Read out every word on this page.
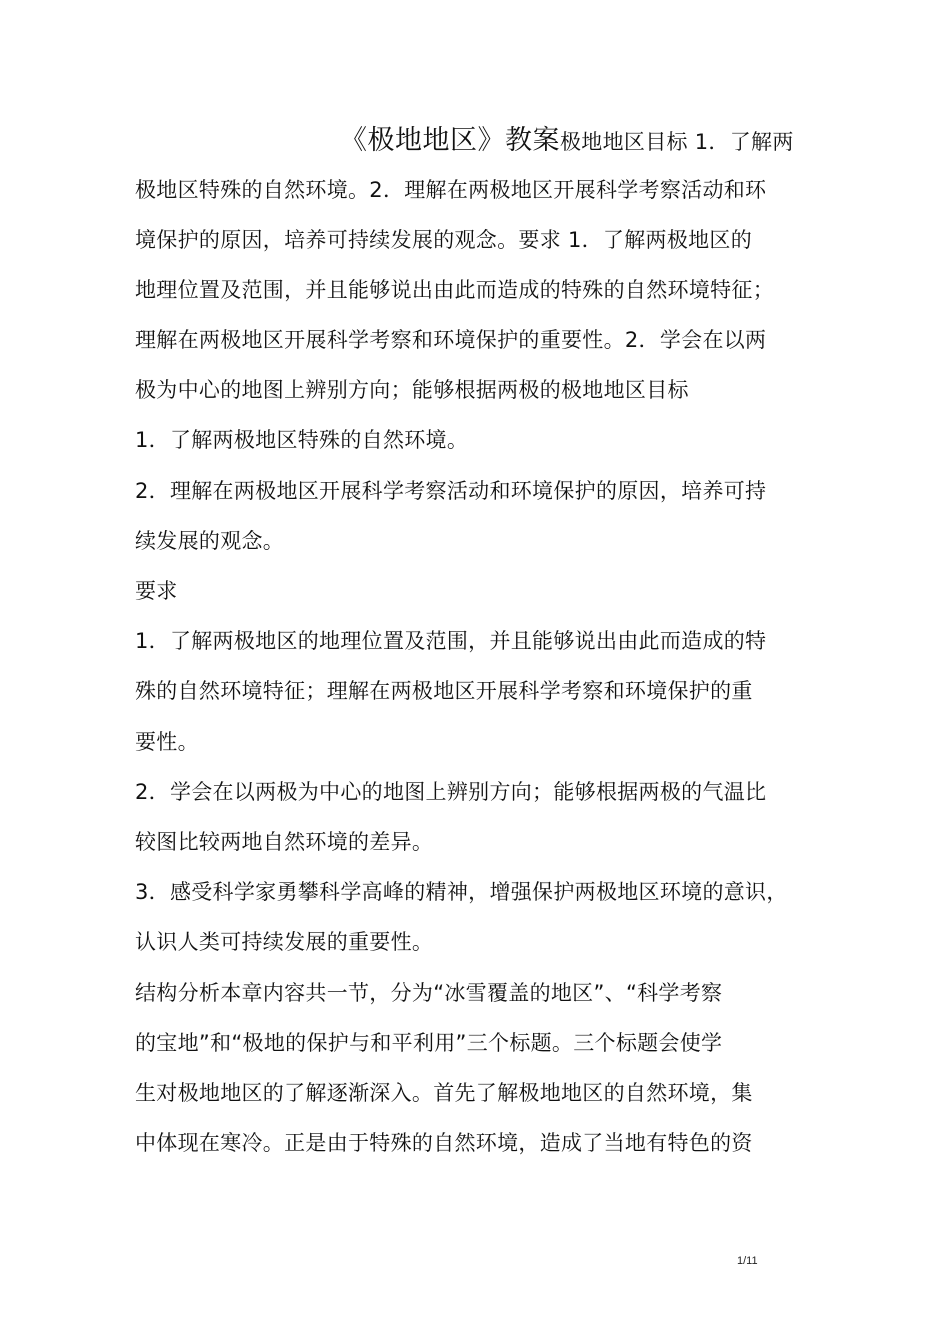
《极地地区》教案极地地区目标 1．了解两
极地区特殊的自然环境。2．理解在两极地区开展科学考察活动和环
境保护的原因，培养可持续发展的观念。要求 1．了解两极地区的
地理位置及范围，并且能够说出由此而造成的特殊的自然环境特征；
理解在两极地区开展科学考察和环境保护的重要性。2．学会在以两
极为中心的地图上辨别方向；能够根据两极的极地地区目标
1．了解两极地区特殊的自然环境。
2．理解在两极地区开展科学考察活动和环境保护的原因，培养可持
续发展的观念。
要求
1．了解两极地区的地理位置及范围，并且能够说出由此而造成的特
殊的自然环境特征；理解在两极地区开展科学考察和环境保护的重
要性。
2．学会在以两极为中心的地图上辨别方向；能够根据两极的气温比
较图比较两地自然环境的差异。
3．感受科学家勇攀科学高峰的精神，增强保护两极地区环境的意识，
认识人类可持续发展的重要性。
结构分析本章内容共一节，分为“冰雪覆盖的地区”、“科学考察
的宝地”和“极地的保护与和平利用”三个标题。三个标题会使学
生对极地地区的了解逐渐深入。首先了解极地地区的自然环境，集
中体现在寒冷。正是由于特殊的自然环境，造成了当地有特色的资
1/11
